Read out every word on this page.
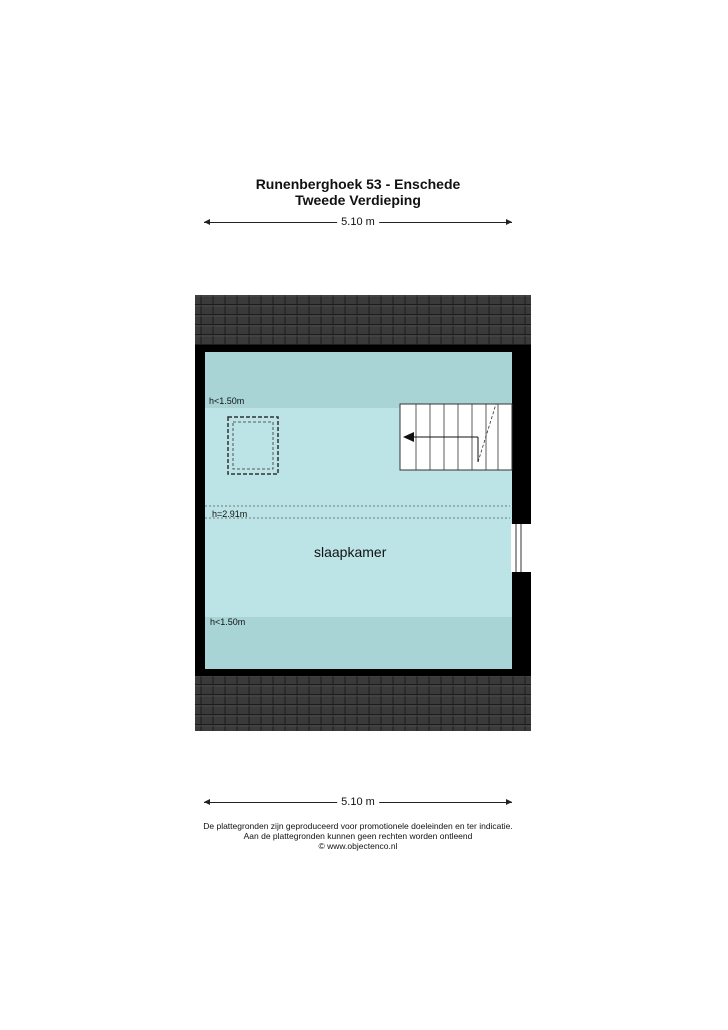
Runenberghoek 53 - Enschede
Tweede Verdieping
5.10 m
h<1.50m
h=2.91m
h<1.50m
slaapkamer
5.10 m
De plattegronden zijn geproduceerd voor promotionele doeleinden en ter indicatie.
Aan de plattegronden kunnen geen rechten worden ontleend
© www.objectenco.nl
